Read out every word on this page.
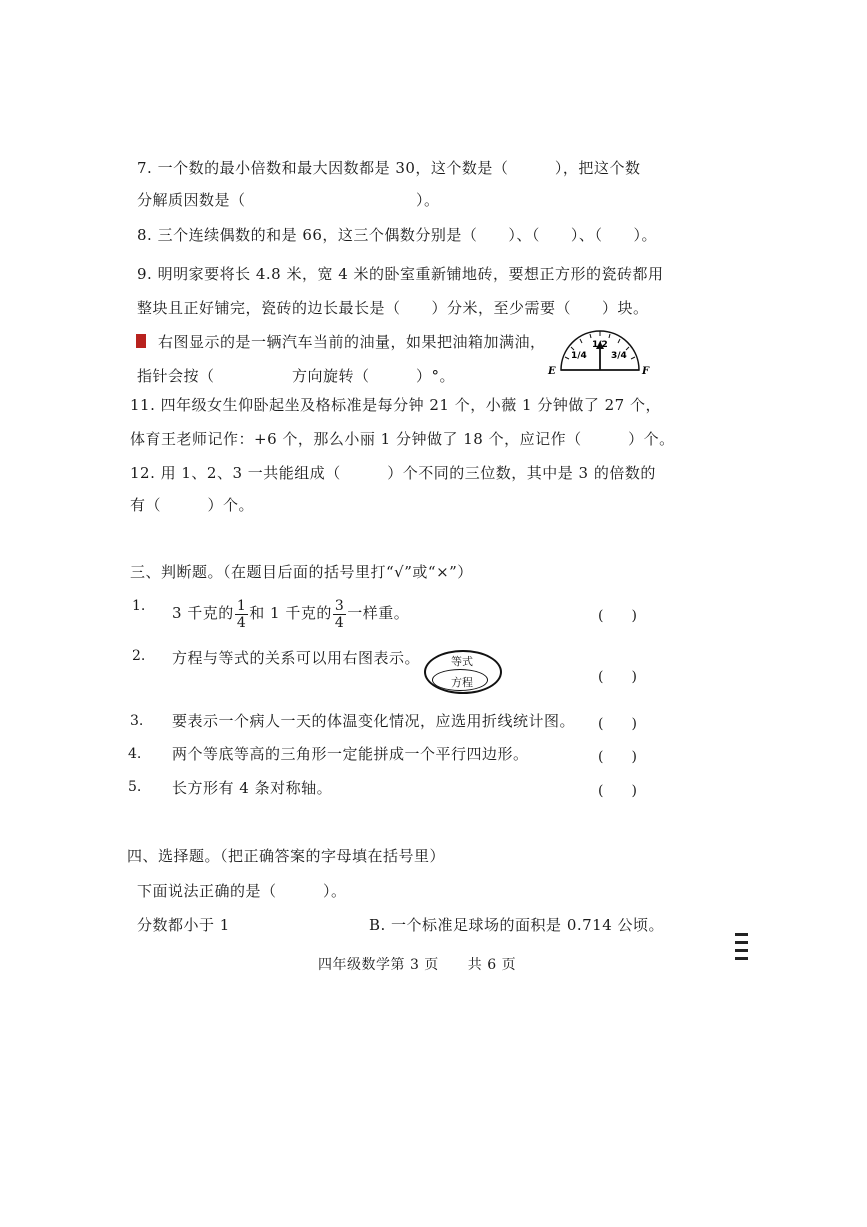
7. 一个数的最小倍数和最大因数都是 30，这个数是（　　　），把这个数
分解质因数是（　　　　　　　　　　　）。
8. 三个连续偶数的和是 66，这三个偶数分别是（　　）、（　　）、（　　）。
9. 明明家要将长 4.8 米，宽 4 米的卧室重新铺地砖，要想正方形的瓷砖都用
整块且正好铺完，瓷砖的边长最长是（　　）分米，至少需要（　　）块。
右图显示的是一辆汽车当前的油量，如果把油箱加满油，
指针会按（　　　　　方向旋转（　　　）°。	E	F
1/4
1/2
3/4
11. 四年级女生仰卧起坐及格标准是每分钟 21 个，小薇 1 分钟做了 27 个，
体育王老师记作：+6 个，那么小丽 1 分钟做了 18 个，应记作（　　　）个。
12. 用 1、2、3 一共能组成（　　　）个不同的三位数，其中是 3 的倍数的
有（　　　）个。
三、判断题。（在题目后面的括号里打“√”或“×”）
1. 3 千克的 $\frac{1}{4}$ 和 1 千克的 $\frac{3}{4}$ 一样重。	(　　)
2. 方程与等式的关系可以用右图表示。	等式
方程	(　　)
3. 要表示一个病人一天的体温变化情况，应选用折线统计图。 (　　)
4. 两个等底等高的三角形一定能拼成一个平行四边形。	(　　)
5. 长方形有 4 条对称轴。	(　　)
四、选择题。（把正确答案的字母填在括号里）
下面说法正确的是（　　　）。
分数都小于 1	B. 一个标准足球场的面积是 0.714 公顷。
四年级数学第 3 页　　共 6 页
